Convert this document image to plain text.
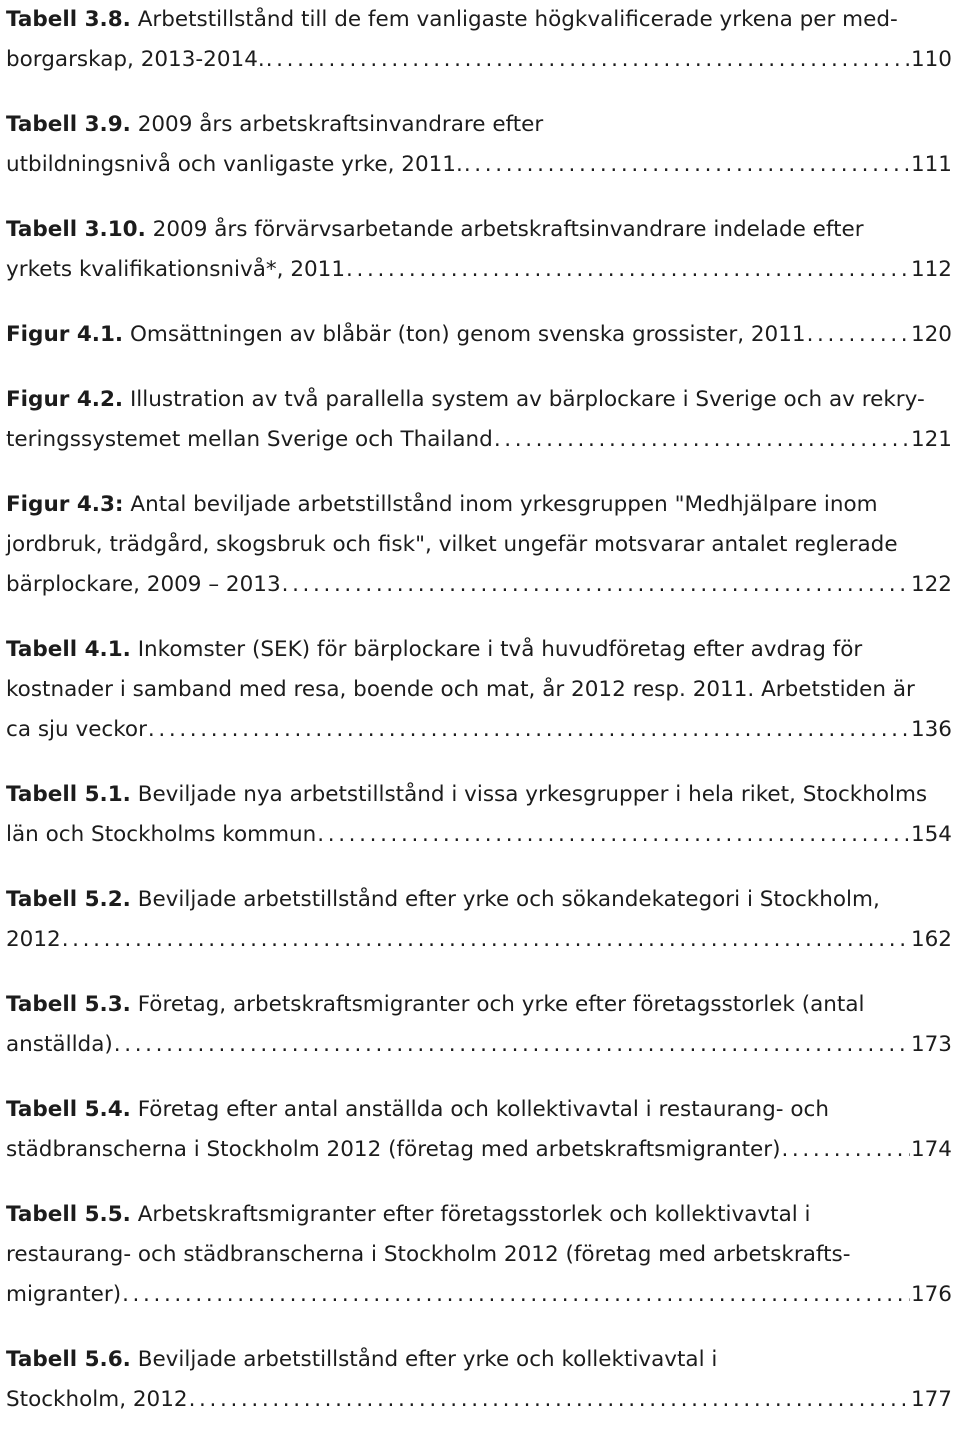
Tabell 3.8. Arbetstillstånd till de fem vanligaste högkvalificerade yrkena per med-
borgarskap, 2013-2014. . . .	110
Tabell 3.9. 2009 års arbetskraftsinvandrare efter
utbildningsnivå och vanligaste yrke, 2011. . . .	111
Tabell 3.10. 2009 års förvärvsarbetande arbetskraftsinvandrare indelade efter
yrkets kvalifikationsnivå*, 2011 . . .	112
Figur 4.1. Omsättningen av blåbär (ton) genom svenska grossister, 2011 . . .	120
Figur 4.2. Illustration av två parallella system av bärplockare i Sverige och av rekry-
teringssystemet mellan Sverige och Thailand . . .	121
Figur 4.3: Antal beviljade arbetstillstånd inom yrkesgruppen "Medhjälpare inom
jordbruk, trädgård, skogsbruk och fisk", vilket ungefär motsvarar antalet reglerade
bärplockare, 2009 – 2013 . . .	122
Tabell 4.1. Inkomster (SEK) för bärplockare i två huvudföretag efter avdrag för
kostnader i samband med resa, boende och mat, år 2012 resp. 2011. Arbetstiden är
ca sju veckor . . .	136
Tabell 5.1. Beviljade nya arbetstillstånd i vissa yrkesgrupper i hela riket, Stockholms
län och Stockholms kommun . . .	154
Tabell 5.2. Beviljade arbetstillstånd efter yrke och sökandekategori i Stockholm,
2012 . . .	162
Tabell 5.3. Företag, arbetskraftsmigranter och yrke efter företagsstorlek (antal
anställda) . . .	173
Tabell 5.4. Företag efter antal anställda och kollektivavtal i restaurang- och
städbranscherna i Stockholm 2012 (företag med arbetskraftsmigranter) . . .	174
Tabell 5.5. Arbetskraftsmigranter efter företagsstorlek och kollektivavtal i
restaurang- och städbranscherna i Stockholm 2012 (företag med arbetskrafts-
migranter) . . .	176
Tabell 5.6. Beviljade arbetstillstånd efter yrke och kollektivavtal i
Stockholm, 2012 . . .	177
